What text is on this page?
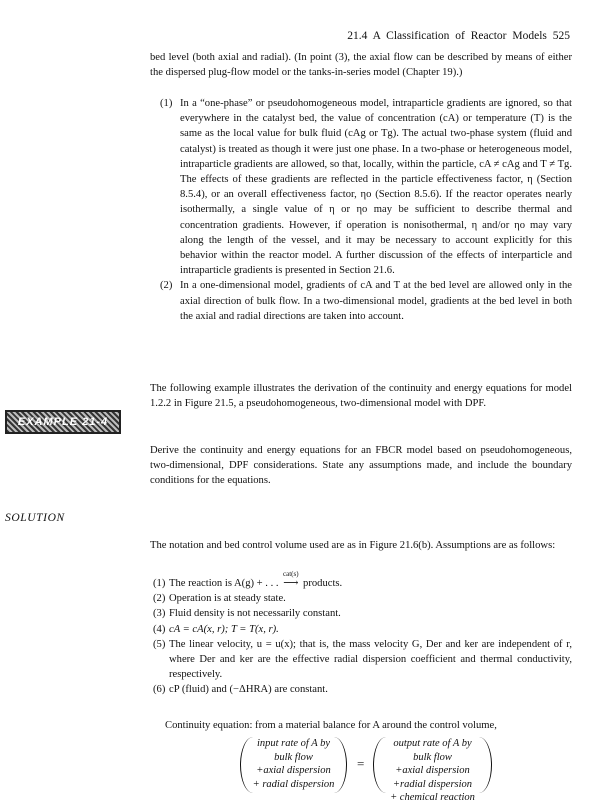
21.4 A Classification of Reactor Models 525
bed level (both axial and radial). (In point (3), the axial flow can be described by means of either the dispersed plug-flow model or the tanks-in-series model (Chapter 19).)
(1) In a “one-phase” or pseudohomogeneous model, intraparticle gradients are ignored, so that everywhere in the catalyst bed, the value of concentration (cA) or temperature (T) is the same as the local value for bulk fluid (cAg or Tg). The actual two-phase system (fluid and catalyst) is treated as though it were just one phase. In a two-phase or heterogeneous model, intraparticle gradients are allowed, so that, locally, within the particle, cA ≠ cAg and T ≠ Tg. The effects of these gradients are reflected in the particle effectiveness factor, η (Section 8.5.4), or an overall effectiveness factor, ηo (Section 8.5.6). If the reactor operates nearly isothermally, a single value of η or ηo may be sufficient to describe thermal and concentration gradients. However, if operation is nonisothermal, η and/or ηo may vary along the length of the vessel, and it may be necessary to account explicitly for this behavior within the reactor model. A further discussion of the effects of interparticle and intraparticle gradients is presented in Section 21.6.
(2) In a one-dimensional model, gradients of cA and T at the bed level are allowed only in the axial direction of bulk flow. In a two-dimensional model, gradients at the bed level in both the axial and radial directions are taken into account.
The following example illustrates the derivation of the continuity and energy equations for model 1.2.2 in Figure 21.5, a pseudohomogeneous, two-dimensional model with DPF.
EXAMPLE 21-4
Derive the continuity and energy equations for an FBCR model based on pseudohomogeneous, two-dimensional, DPF considerations. State any assumptions made, and include the boundary conditions for the equations.
SOLUTION
The notation and bed control volume used are as in Figure 21.6(b). Assumptions are as follows:
(1) The reaction is A(g) + . . .
cat(s)
⟶ products.
(2) Operation is at steady state.
(3) Fluid density is not necessarily constant.
(4) cA = cA(x, r); T = T(x, r).
(5) The linear velocity, u = u(x); that is, the mass velocity G, Der and ker are independent of r, where Der and ker are the effective radial dispersion coefficient and thermal conductivity, respectively.
(6) cP (fluid) and (−ΔHRA) are constant.
Continuity equation: from a material balance for A around the control volume,
input rate of A by
bulk flow
+axial dispersion
+ radial dispersion
=
output rate of A by
bulk flow
+axial dispersion
+radial dispersion
+ chemical reaction
